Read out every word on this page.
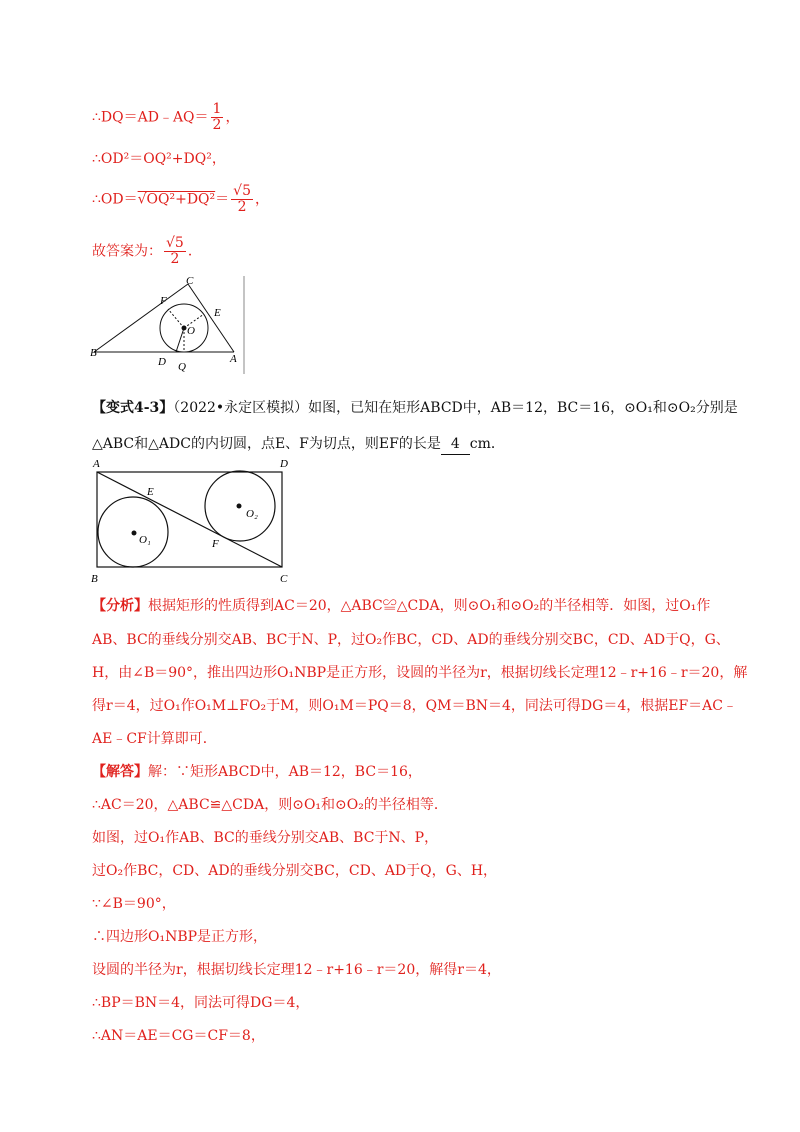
∴DQ＝AD﹣AQ＝ $\frac{1}{2}$ ，
∴OD²＝OQ²+DQ²，
∴OD＝√OQ²+DQ²＝ $\frac{√5}{2}$ ，
故答案为： $\frac{√5}{2}$ ．
C
F
E
O
B
D Q
A
【变式4-3】（2022•永定区模拟）如图，已知在矩形ABCD中，AB＝12，BC＝16，⊙O₁和⊙O₂分别是
△ABC和△ADC的内切圆，点E、F为切点，则EF的长是 4 cm．
A	D
B	C
E
F
O₁
O₂
【分析】根据矩形的性质得到AC＝20，△ABC≌△CDA，则⊙O₁和⊙O₂的半径相等．如图，过O₁作
AB、BC的垂线分别交AB、BC于N、P，过O₂作BC，CD、AD的垂线分别交BC，CD、AD于Q，G、
H，由∠B＝90°，推出四边形O₁NBP是正方形，设圆的半径为r，根据切线长定理12﹣r+16﹣r＝20，解
得r＝4，过O₁作O₁M⊥FO₂于M，则O₁M＝PQ＝8，QM＝BN＝4，同法可得DG＝4，根据EF＝AC﹣
AE﹣CF计算即可．
【解答】解：∵矩形ABCD中，AB＝12，BC＝16，
∴AC＝20，△ABC≌△CDA，则⊙O₁和⊙O₂的半径相等．
如图，过O₁作AB、BC的垂线分别交AB、BC于N、P，
过O₂作BC，CD、AD的垂线分别交BC，CD、AD于Q，G、H，
∵∠B＝90°，
∴四边形O₁NBP是正方形，
设圆的半径为r，根据切线长定理12﹣r+16﹣r＝20，解得r＝4，
∴BP＝BN＝4，同法可得DG＝4，
∴AN＝AE＝CG＝CF＝8，
